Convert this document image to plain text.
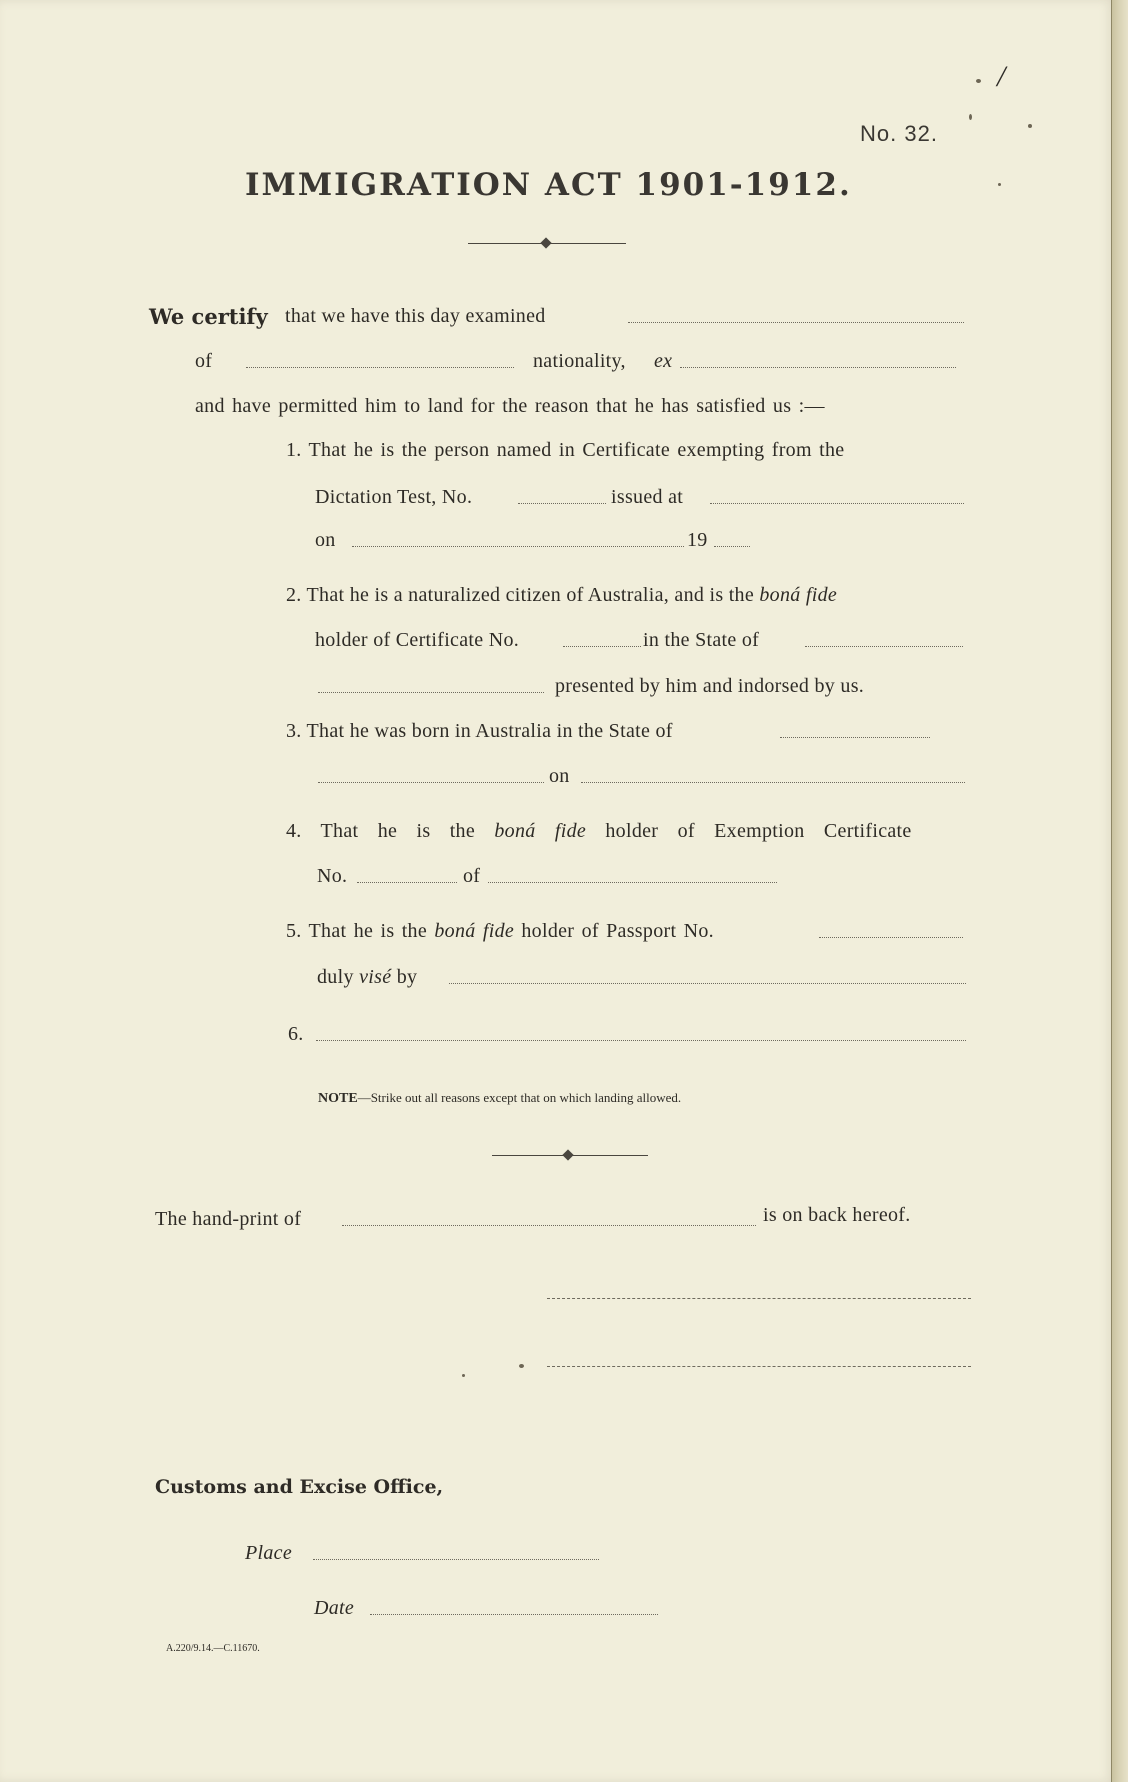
/
No. 32.
IMMIGRATION ACT 1901-1912.
We certify that we have this day examined
of	nationality, ex
and have permitted him to land for the reason that he has satisfied us :—
1. That he is the person named in Certificate exempting from the
Dictation Test, No.	issued at
on	19
2. That he is a naturalized citizen of Australia, and is the boná fide
holder of Certificate No.	in the State of
presented by him and indorsed by us.
3. That he was born in Australia in the State of
on
4. That he is the boná fide holder of Exemption Certificate
No.	of
5. That he is the boná fide holder of Passport No.
duly visé by
6.
NOTE—Strike out all reasons except that on which landing allowed.
The hand-print of	is on back hereof.
Customs and Excise Office,
Place
Date
A.220/9.14.—C.11670.
